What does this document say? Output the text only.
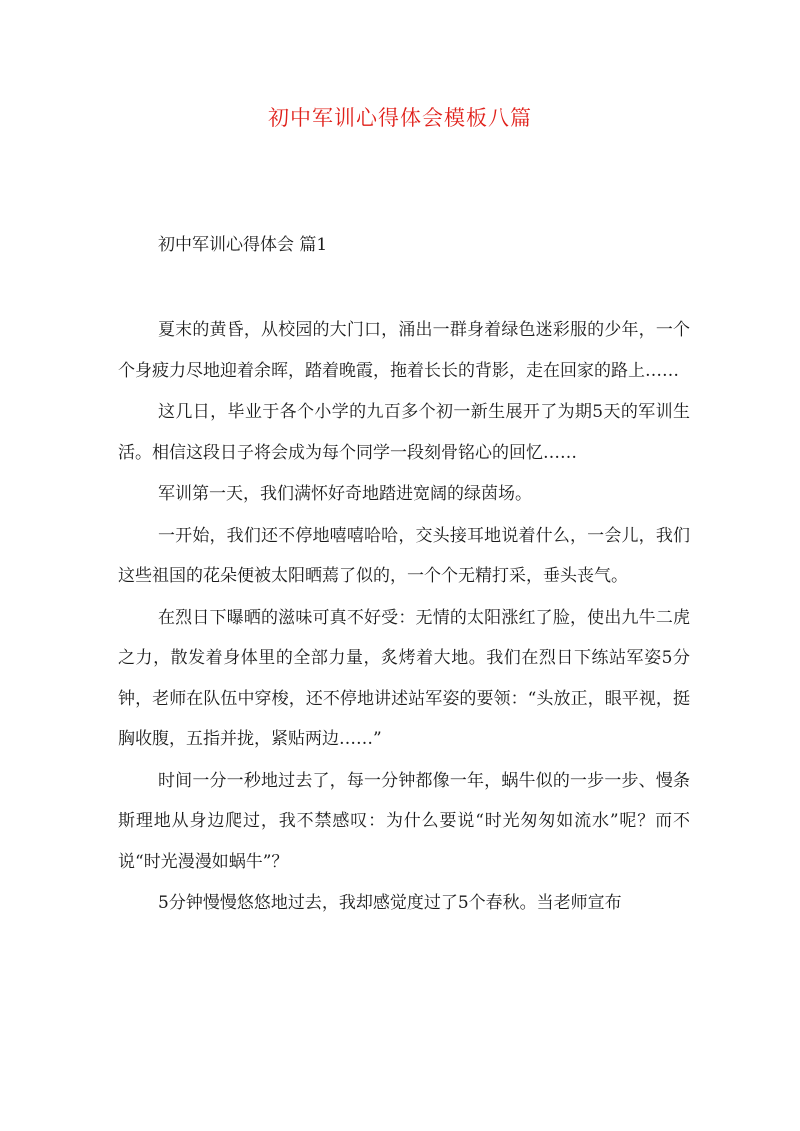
初中军训心得体会模板八篇
初中军训心得体会 篇1

夏末的黄昏，从校园的大门口，涌出一群身着绿色迷彩服的少年，一个个身疲力尽地迎着余晖，踏着晚霞，拖着长长的背影，走在回家的路上……

这几日，毕业于各个小学的九百多个初一新生展开了为期5天的军训生活。相信这段日子将会成为每个同学一段刻骨铭心的回忆……

军训第一天，我们满怀好奇地踏进宽阔的绿茵场。

一开始，我们还不停地嘻嘻哈哈，交头接耳地说着什么，一会儿，我们这些祖国的花朵便被太阳晒蔫了似的，一个个无精打采，垂头丧气。

在烈日下曝晒的滋味可真不好受：无情的太阳涨红了脸，使出九牛二虎之力，散发着身体里的全部力量，炙烤着大地。我们在烈日下练站军姿5分钟，老师在队伍中穿梭，还不停地讲述站军姿的要领：“头放正，眼平视，挺胸收腹，五指并拢，紧贴两边……”

时间一分一秒地过去了，每一分钟都像一年，蜗牛似的一步一步、慢条斯理地从身边爬过，我不禁感叹：为什么要说“时光匆匆如流水”呢？而不说“时光漫漫如蜗牛”？

5分钟慢慢悠悠地过去，我却感觉度过了5个春秋。当老师宣布
